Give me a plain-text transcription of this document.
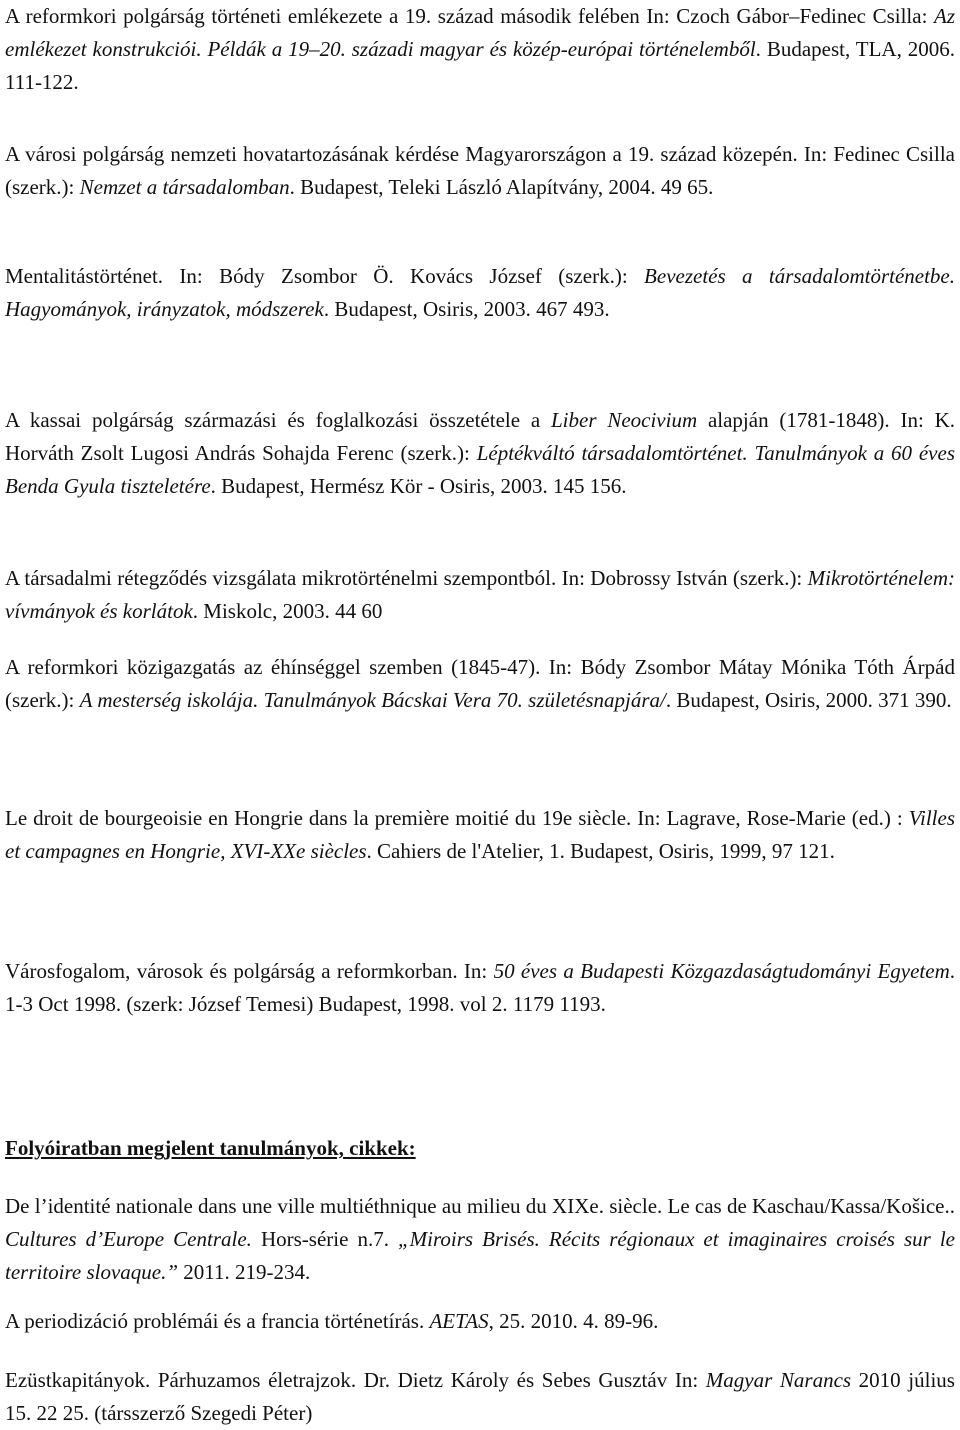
A reformkori polgárság történeti emlékezete a 19. század második felében In: Czoch Gábor–Fedinec Csilla: Az emlékezet konstrukciói. Példák a 19–20. századi magyar és közép-európai történelemből. Budapest, TLA, 2006. 111-122.

A városi polgárság nemzeti hovatartozásának kérdése Magyarországon a 19. század közepén. In: Fedinec Csilla (szerk.): Nemzet a társadalomban. Budapest, Teleki László Alapítvány, 2004. 49 65.

Mentalitástörténet. In: Bódy Zsombor Ö. Kovács József (szerk.): Bevezetés a társadalomtörténetbe. Hagyományok, irányzatok, módszerek. Budapest, Osiris, 2003. 467 493.

A kassai polgárság származási és foglalkozási összetétele a Liber Neocivium alapján (1781-1848). In: K. Horváth Zsolt Lugosi András Sohajda Ferenc (szerk.): Léptékváltó társadalomtörténet. Tanulmányok a 60 éves Benda Gyula tiszteletére. Budapest, Hermész Kör - Osiris, 2003. 145 156.

A társadalmi rétegződés vizsgálata mikrotörténelmi szempontból. In: Dobrossy István (szerk.): Mikrotörténelem: vívmányok és korlátok. Miskolc, 2003. 44 60

A reformkori közigazgatás az éhínséggel szemben (1845-47). In: Bódy Zsombor Mátay Mónika Tóth Árpád (szerk.): A mesterség iskolája. Tanulmányok Bácskai Vera 70. születésnapjára/. Budapest, Osiris, 2000. 371 390.

Le droit de bourgeoisie en Hongrie dans la première moitié du 19e siècle. In: Lagrave, Rose-Marie (ed.) : Villes et campagnes en Hongrie, XVI-XXe siècles. Cahiers de l'Atelier, 1. Budapest, Osiris, 1999, 97 121.

Városfogalom, városok és polgárság a reformkorban. In: 50 éves a Budapesti Közgazdaságtudományi Egyetem. 1-3 Oct 1998. (szerk: József Temesi) Budapest, 1998. vol 2. 1179 1193.

Folyóiratban megjelent tanulmányok, cikkek:

De l’identité nationale dans une ville multiéthnique au milieu du XIXe. siècle. Le cas de Kaschau/Kassa/Košice.. Cultures d’Europe Centrale. Hors-série n.7. „Miroirs Brisés. Récits régionaux et imaginaires croisés sur le territoire slovaque.” 2011. 219-234.

A periodizáció problémái és a francia történetírás. AETAS, 25. 2010. 4. 89-96.

Ezüstkapitányok. Párhuzamos életrajzok. Dr. Dietz Károly és Sebes Gusztáv In: Magyar Narancs 2010 július 15. 22 25. (társszerző Szegedi Péter)
